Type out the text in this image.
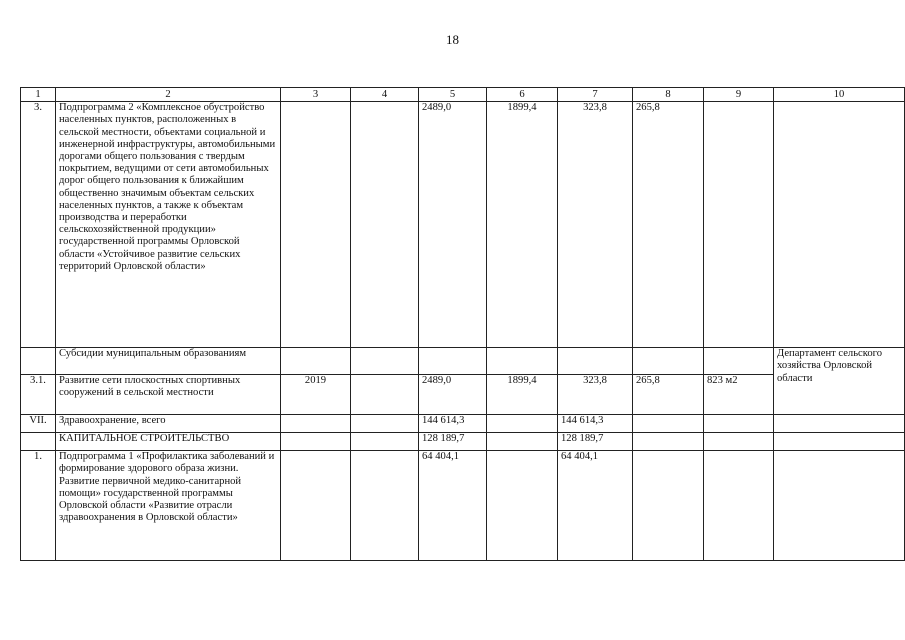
18
1	2	3	4	5	6	7	8	9	10
3.	Подпрограмма 2 «Комплексное обустройство населенных пунктов, расположенных в сельской местности, объектами социальной и инженерной инфраструктуры, автомобильными дорогами общего пользования с твердым покрытием, ведущими от сети автомобильных дорог общего пользования к ближайшим общественно значимым объектам сельских населенных пунктов, а также к объектам производства и переработки сельскохозяйственной продукции» государственной программы Орловской области «Устойчивое развитие сельских территорий Орловской области»			2489,0	1899,4	323,8	265,8		
	Субсидии муниципальным образованиям								Департамент сельского хозяйства Орловской области
3.1.	Развитие сети плоскостных спортивных сооружений в сельской местности	2019		2489,0	1899,4	323,8	265,8	823 м2	
VII.	Здравоохранение, всего			144 614,3		144 614,3			
	КАПИТАЛЬНОЕ СТРОИТЕЛЬСТВО			128 189,7		128 189,7			
1.	Подпрограмма 1 «Профилактика заболеваний и формирование здорового образа жизни. Развитие первичной медико-санитарной помощи» государственной программы Орловской области «Развитие отрасли здравоохранения в Орловской области»			64 404,1		64 404,1			
